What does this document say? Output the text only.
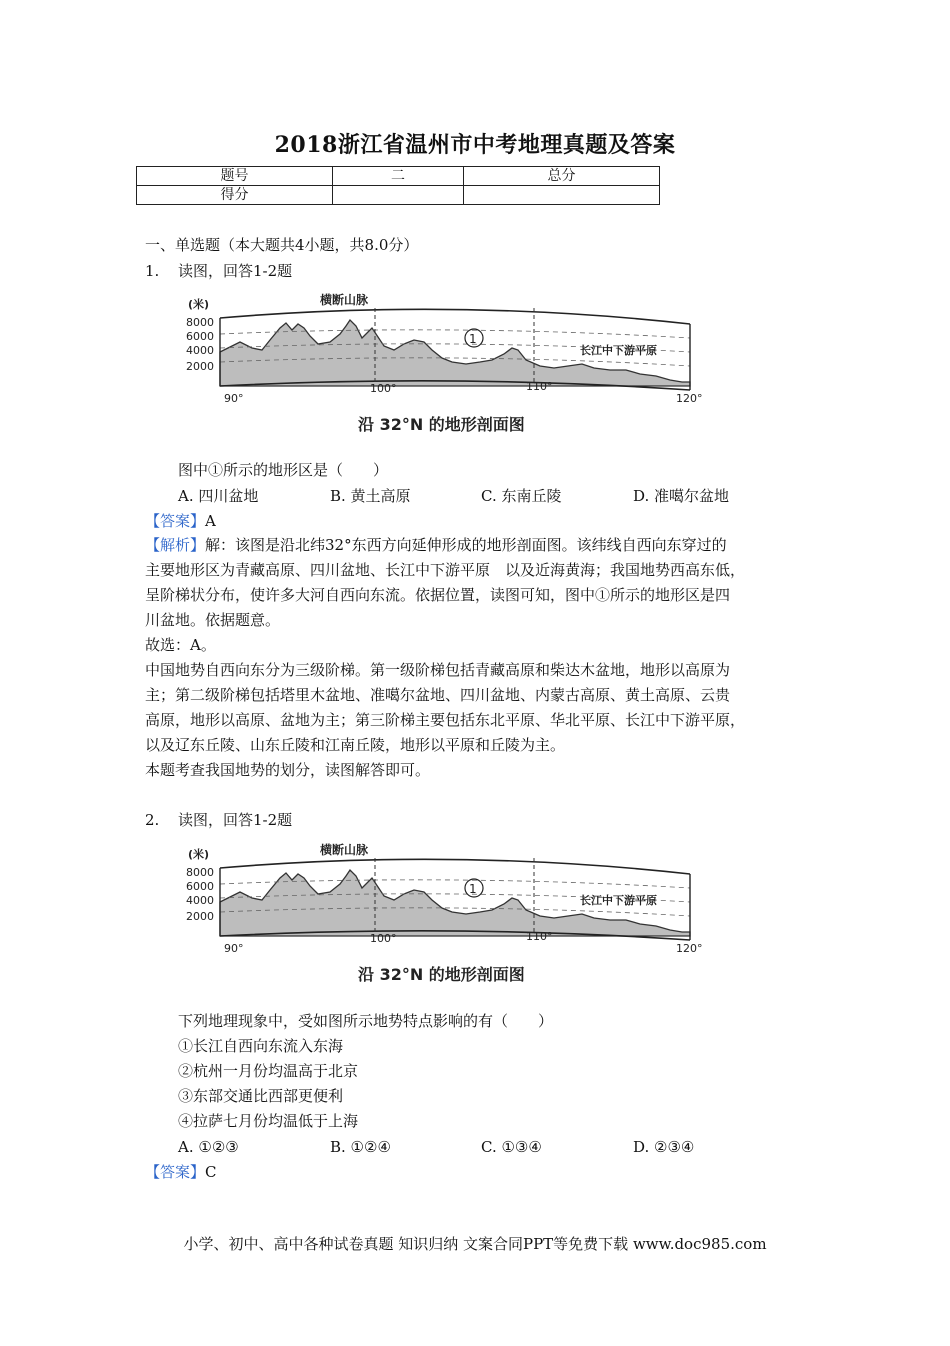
2018浙江省温州市中考地理真题及答案
题号	二	总分
得分		
一、单选题（本大题共4小题，共8.0分）
1. 读图，回答1-2题
8000
6000
4000
2000
(米)
90°
100°	110°
120°
横断山脉
长江中下游平原
1
沿 32°N 的地形剖面图
图中①所示的地形区是（　　）
A. 四川盆地	B. 黄土高原	C. 东南丘陵	D. 准噶尔盆地
【答案】A
【解析】解：该图是沿北纬32°东西方向延伸形成的地形剖面图。该纬线自西向东穿过的
主要地形区为青藏高原、四川盆地、长江中下游平原　以及近海黄海；我国地势西高东低，
呈阶梯状分布，使许多大河自西向东流。依据位置，读图可知，图中①所示的地形区是四
川盆地。依据题意。
故选：A。
中国地势自西向东分为三级阶梯。第一级阶梯包括青藏高原和柴达木盆地，地形以高原为
主；第二级阶梯包括塔里木盆地、准噶尔盆地、四川盆地、内蒙古高原、黄土高原、云贵
高原，地形以高原、盆地为主；第三阶梯主要包括东北平原、华北平原、长江中下游平原，
以及辽东丘陵、山东丘陵和江南丘陵，地形以平原和丘陵为主。
本题考查我国地势的划分，读图解答即可。
2. 读图，回答1-2题
8000
6000
4000
2000
(米)
90°
100°	110°
120°
横断山脉
长江中下游平原
1
沿 32°N 的地形剖面图
下列地理现象中，受如图所示地势特点影响的有（　　）
①长江自西向东流入东海
②杭州一月份均温高于北京
③东部交通比西部更便利
④拉萨七月份均温低于上海
A. ①②③	B. ①②④	C. ①③④	D. ②③④
【答案】C
小学、初中、高中各种试卷真题 知识归纳 文案合同PPT等免费下载 www.doc985.com
